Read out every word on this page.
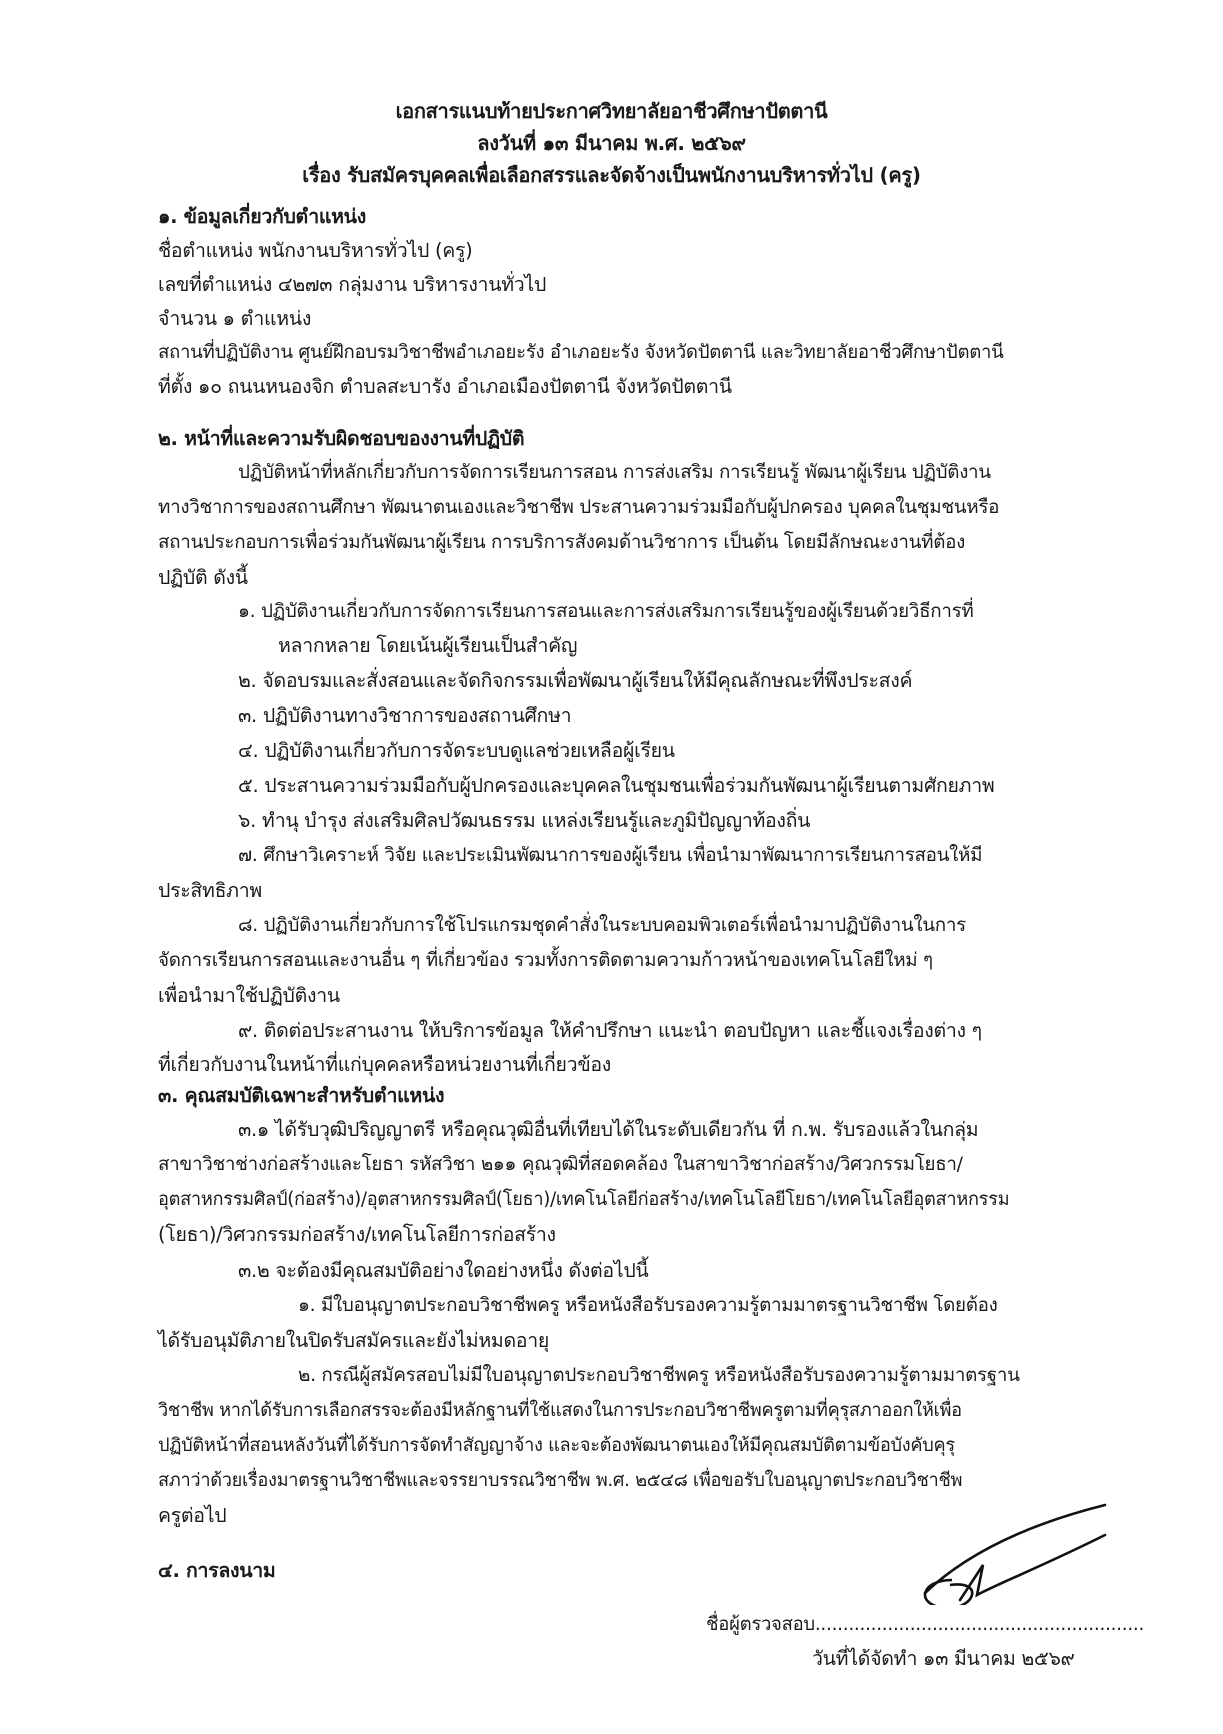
เอกสารแนบท้ายประกาศวิทยาลัยอาชีวศึกษาปัตตานี
ลงวันที่ ๑๓ มีนาคม พ.ศ. ๒๕๖๙
เรื่อง รับสมัครบุคคลเพื่อเลือกสรรและจัดจ้างเป็นพนักงานบริหารทั่วไป (ครู)
๑. ข้อมูลเกี่ยวกับตำแหน่ง
ชื่อตำแหน่ง พนักงานบริหารทั่วไป (ครู)
เลขที่ตำแหน่ง ๔๒๗๓ กลุ่มงาน บริหารงานทั่วไป
จำนวน ๑ ตำแหน่ง
สถานที่ปฏิบัติงาน ศูนย์ฝึกอบรมวิชาชีพอำเภอยะรัง อำเภอยะรัง จังหวัดปัตตานี และวิทยาลัยอาชีวศึกษาปัตตานี
ที่ตั้ง ๑๐ ถนนหนองจิก ตำบลสะบารัง อำเภอเมืองปัตตานี จังหวัดปัตตานี
๒. หน้าที่และความรับผิดชอบของงานที่ปฏิบัติ
ปฏิบัติหน้าที่หลักเกี่ยวกับการจัดการเรียนการสอน การส่งเสริม การเรียนรู้ พัฒนาผู้เรียน ปฏิบัติงาน
ทางวิชาการของสถานศึกษา พัฒนาตนเองและวิชาชีพ ประสานความร่วมมือกับผู้ปกครอง บุคคลในชุมชนหรือ
สถานประกอบการเพื่อร่วมกันพัฒนาผู้เรียน การบริการสังคมด้านวิชาการ เป็นต้น โดยมีลักษณะงานที่ต้อง
ปฏิบัติ ดังนี้
๑. ปฏิบัติงานเกี่ยวกับการจัดการเรียนการสอนและการส่งเสริมการเรียนรู้ของผู้เรียนด้วยวิธีการที่
หลากหลาย โดยเน้นผู้เรียนเป็นสำคัญ
๒. จัดอบรมและสั่งสอนและจัดกิจกรรมเพื่อพัฒนาผู้เรียนให้มีคุณลักษณะที่พึงประสงค์
๓. ปฏิบัติงานทางวิชาการของสถานศึกษา
๔. ปฏิบัติงานเกี่ยวกับการจัดระบบดูแลช่วยเหลือผู้เรียน
๕. ประสานความร่วมมือกับผู้ปกครองและบุคคลในชุมชนเพื่อร่วมกันพัฒนาผู้เรียนตามศักยภาพ
๖. ทำนุ บำรุง ส่งเสริมศิลปวัฒนธรรม แหล่งเรียนรู้และภูมิปัญญาท้องถิ่น
๗. ศึกษาวิเคราะห์ วิจัย และประเมินพัฒนาการของผู้เรียน เพื่อนำมาพัฒนาการเรียนการสอนให้มี
ประสิทธิภาพ
๘. ปฏิบัติงานเกี่ยวกับการใช้โปรแกรมชุดคำสั่งในระบบคอมพิวเตอร์เพื่อนำมาปฏิบัติงานในการ
จัดการเรียนการสอนและงานอื่น ๆ ที่เกี่ยวข้อง รวมทั้งการติดตามความก้าวหน้าของเทคโนโลยีใหม่ ๆ
เพื่อนำมาใช้ปฏิบัติงาน
๙. ติดต่อประสานงาน ให้บริการข้อมูล ให้คำปรึกษา แนะนำ ตอบปัญหา และชี้แจงเรื่องต่าง ๆ
ที่เกี่ยวกับงานในหน้าที่แก่บุคคลหรือหน่วยงานที่เกี่ยวข้อง
๓. คุณสมบัติเฉพาะสำหรับตำแหน่ง
๓.๑ ได้รับวุฒิปริญญาตรี หรือคุณวุฒิอื่นที่เทียบได้ในระดับเดียวกัน ที่ ก.พ. รับรองแล้วในกลุ่ม
สาขาวิชาช่างก่อสร้างและโยธา รหัสวิชา ๒๑๑ คุณวุฒิที่สอดคล้อง ในสาขาวิชาก่อสร้าง/วิศวกรรมโยธา/
อุตสาหกรรมศิลป์(ก่อสร้าง)/อุตสาหกรรมศิลป์(โยธา)/เทคโนโลยีก่อสร้าง/เทคโนโลยีโยธา/เทคโนโลยีอุตสาหกรรม
(โยธา)/วิศวกรรมก่อสร้าง/เทคโนโลยีการก่อสร้าง
๓.๒ จะต้องมีคุณสมบัติอย่างใดอย่างหนึ่ง ดังต่อไปนี้
๑. มีใบอนุญาตประกอบวิชาชีพครู หรือหนังสือรับรองความรู้ตามมาตรฐานวิชาชีพ โดยต้อง
ได้รับอนุมัติภายในปิดรับสมัครและยังไม่หมดอายุ
๒. กรณีผู้สมัครสอบไม่มีใบอนุญาตประกอบวิชาชีพครู หรือหนังสือรับรองความรู้ตามมาตรฐาน
วิชาชีพ หากได้รับการเลือกสรรจะต้องมีหลักฐานที่ใช้แสดงในการประกอบวิชาชีพครูตามที่คุรุสภาออกให้เพื่อ
ปฏิบัติหน้าที่สอนหลังวันที่ได้รับการจัดทำสัญญาจ้าง และจะต้องพัฒนาตนเองให้มีคุณสมบัติตามข้อบังคับคุรุ
สภาว่าด้วยเรื่องมาตรฐานวิชาชีพและจรรยาบรรณวิชาชีพ พ.ศ. ๒๕๔๘ เพื่อขอรับใบอนุญาตประกอบวิชาชีพ
ครูต่อไป
๔. การลงนาม
ชื่อผู้ตรวจสอบ...........................................................
วันที่ได้จัดทำ ๑๓ มีนาคม ๒๕๖๙
